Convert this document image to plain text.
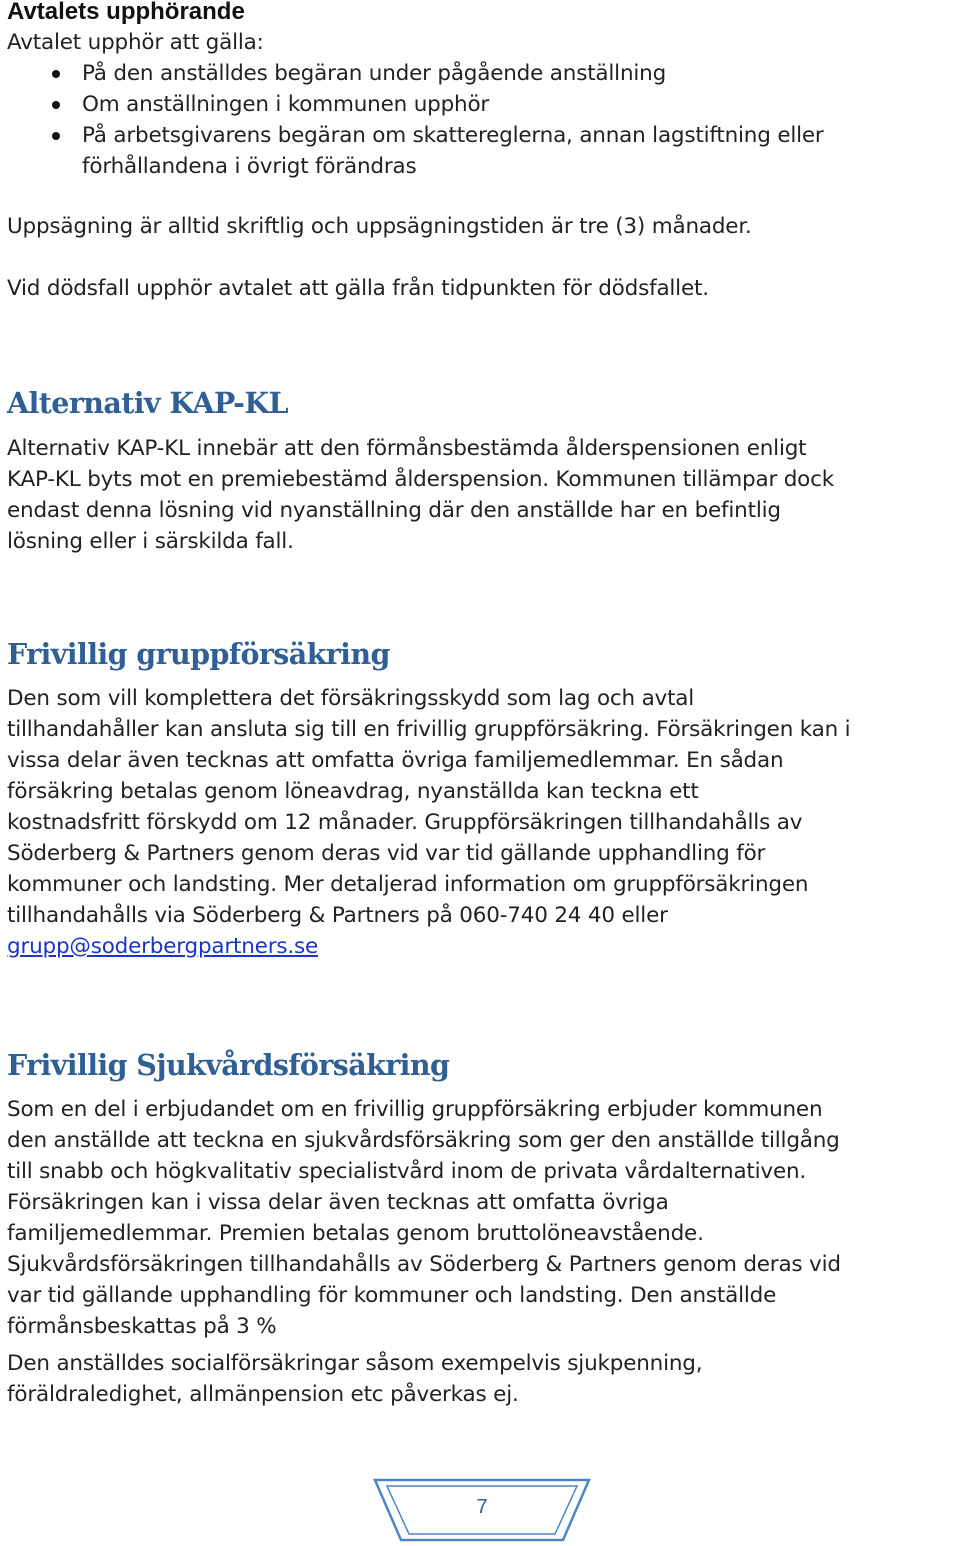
Avtalets upphörande
Avtalet upphör att gälla:
På den anställdes begäran under pågående anställning
Om anställningen i kommunen upphör
På arbetsgivarens begäran om skattereglerna, annan lagstiftning eller
förhållandena i övrigt förändras
Uppsägning är alltid skriftlig och uppsägningstiden är tre (3) månader.
Vid dödsfall upphör avtalet att gälla från tidpunkten för dödsfallet.
Alternativ KAP-KL

Alternativ KAP-KL innebär att den förmånsbestämda ålderspensionen enligt

KAP-KL byts mot en premiebestämd ålderspension. Kommunen tillämpar dock

endast denna lösning vid nyanställning där den anställde har en befintlig

lösning eller i särskilda fall.

Frivillig gruppförsäkring

Den som vill komplettera det försäkringsskydd som lag och avtal

tillhandahåller kan ansluta sig till en frivillig gruppförsäkring. Försäkringen kan i

vissa delar även tecknas att omfatta övriga familjemedlemmar. En sådan

försäkring betalas genom löneavdrag, nyanställda kan teckna ett

kostnadsfritt förskydd om 12 månader. Gruppförsäkringen tillhandahålls av

Söderberg & Partners genom deras vid var tid gällande upphandling för

kommuner och landsting. Mer detaljerad information om gruppförsäkringen

tillhandahålls via Söderberg & Partners på 060-740 24 40 eller

grupp@soderbergpartners.se

Frivillig Sjukvårdsförsäkring

Som en del i erbjudandet om en frivillig gruppförsäkring erbjuder kommunen

den anställde att teckna en sjukvårdsförsäkring som ger den anställde tillgång

till snabb och högkvalitativ specialistvård inom de privata vårdalternativen.

Försäkringen kan i vissa delar även tecknas att omfatta övriga

familjemedlemmar. Premien betalas genom bruttolöneavstående.

Sjukvårdsförsäkringen tillhandahålls av Söderberg & Partners genom deras vid

var tid gällande upphandling för kommuner och landsting. Den anställde

förmånsbeskattas på 3 %

Den anställdes socialförsäkringar såsom exempelvis sjukpenning,

föräldraledighet, allmänpension etc påverkas ej.

7
